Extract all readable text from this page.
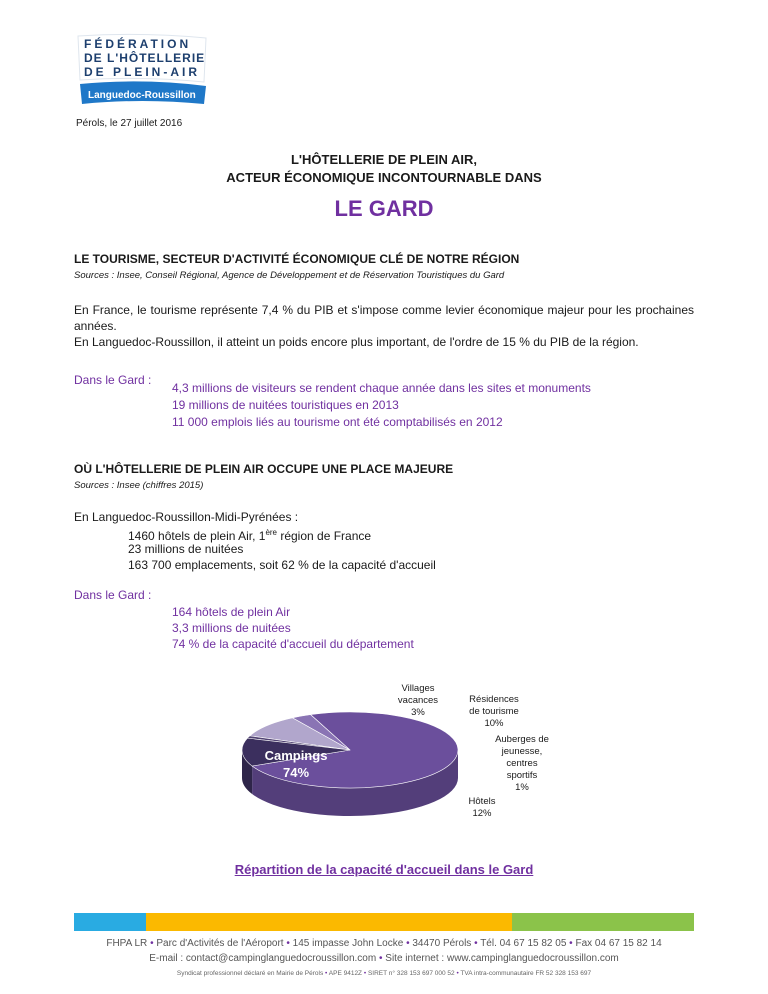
FÉDÉRATION
DE L'HÔTELLERIE
DE PLEIN-AIR
Languedoc-Roussillon
Pérols, le 27 juillet 2016
L'HÔTELLERIE DE PLEIN AIR,
ACTEUR ÉCONOMIQUE INCONTOURNABLE DANS
LE GARD
LE TOURISME, SECTEUR D'ACTIVITÉ ÉCONOMIQUE CLÉ DE NOTRE RÉGION
Sources : Insee, Conseil Régional, Agence de Développement et de Réservation Touristiques du Gard
En France, le tourisme représente 7,4 % du PIB et s'impose comme levier économique majeur pour les prochaines années.
En Languedoc-Roussillon, il atteint un poids encore plus important, de l'ordre de 15 % du PIB de la région.
Dans le Gard :
4,3 millions de visiteurs se rendent chaque année dans les sites et monuments
19 millions de nuitées touristiques en 2013
11 000 emplois liés au tourisme ont été comptabilisés en 2012
OÙ L'HÔTELLERIE DE PLEIN AIR OCCUPE UNE PLACE MAJEURE
Sources : Insee (chiffres 2015)
En Languedoc-Roussillon-Midi-Pyrénées :
1460 hôtels de plein Air, 1ère région de France
23 millions de nuitées
163 700 emplacements, soit 62 % de la capacité d'accueil
Dans le Gard :
164 hôtels de plein Air
3,3 millions de nuitées
74 % de la capacité d'accueil du département
Villages
vacances
3%
Résidences
de tourisme
10%
Auberges de
jeunesse,
centres
sportifs
1%
Hôtels
12%
Campings
74%
Répartition de la capacité d'accueil dans le Gard
FHPA LR • Parc d'Activités de l'Aéroport • 145 impasse John Locke • 34470 Pérols • Tél. 04 67 15 82 05 • Fax 04 67 15 82 14
E-mail : contact@campinglanguedocroussillon.com • Site internet : www.campinglanguedocroussillon.com
Syndicat professionnel déclaré en Mairie de Pérols • APE 9412Z • SIRET n° 328 153 697 000 52 • TVA intra-communautaire FR 52 328 153 697
